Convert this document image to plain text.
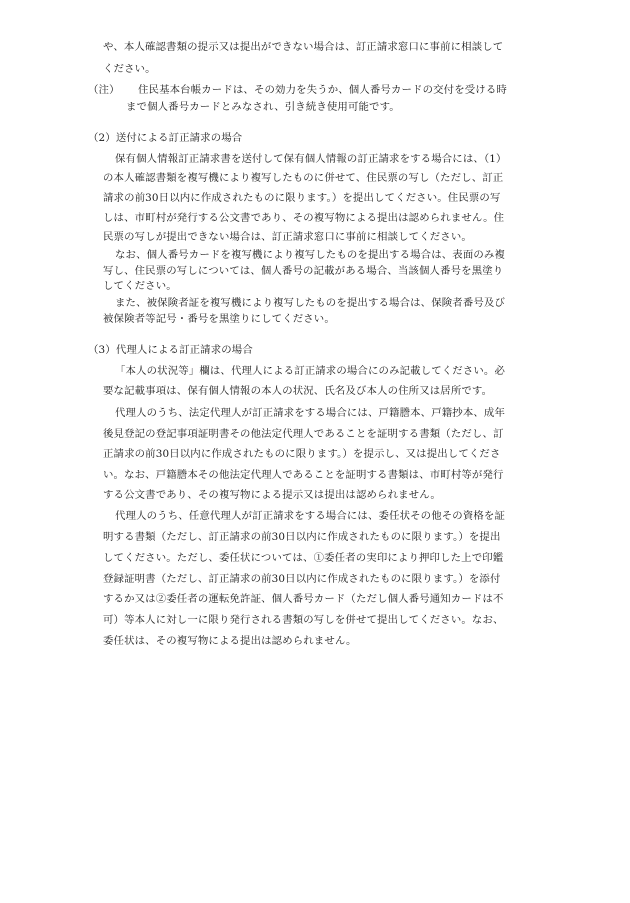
や、本人確認書類の提示又は提出ができない場合は、訂正請求窓口に事前に相談して
ください。
（注） 住民基本台帳カードは、その効力を失うか、個人番号カードの交付を受ける時
まで個人番号カードとみなされ、引き続き使用可能です。
（2）送付による訂正請求の場合
保有個人情報訂正請求書を送付して保有個人情報の訂正請求をする場合には、（1）
の本人確認書類を複写機により複写したものに併せて、住民票の写し（ただし、訂正
請求の前30日以内に作成されたものに限ります。）を提出してください。住民票の写
しは、市町村が発行する公文書であり、その複写物による提出は認められません。住
民票の写しが提出できない場合は、訂正請求窓口に事前に相談してください。
なお、個人番号カードを複写機により複写したものを提出する場合は、表面のみ複
写し、住民票の写しについては、個人番号の記載がある場合、当該個人番号を黒塗り
してください。
また、被保険者証を複写機により複写したものを提出する場合は、保険者番号及び
被保険者等記号・番号を黒塗りにしてください。
（3）代理人による訂正請求の場合
「本人の状況等」欄は、代理人による訂正請求の場合にのみ記載してください。必
要な記載事項は、保有個人情報の本人の状況、氏名及び本人の住所又は居所です。
代理人のうち、法定代理人が訂正請求をする場合には、戸籍謄本、戸籍抄本、成年
後見登記の登記事項証明書その他法定代理人であることを証明する書類（ただし、訂
正請求の前30日以内に作成されたものに限ります。）を提示し、又は提出してくださ
い。なお、戸籍謄本その他法定代理人であることを証明する書類は、市町村等が発行
する公文書であり、その複写物による提示又は提出は認められません。
代理人のうち、任意代理人が訂正請求をする場合には、委任状その他その資格を証
明する書類（ただし、訂正請求の前30日以内に作成されたものに限ります。）を提出
してください。ただし、委任状については、①委任者の実印により押印した上で印鑑
登録証明書（ただし、訂正請求の前30日以内に作成されたものに限ります。）を添付
するか又は②委任者の運転免許証、個人番号カード（ただし個人番号通知カードは不
可）等本人に対し一に限り発行される書類の写しを併せて提出してください。なお、
委任状は、その複写物による提出は認められません。
